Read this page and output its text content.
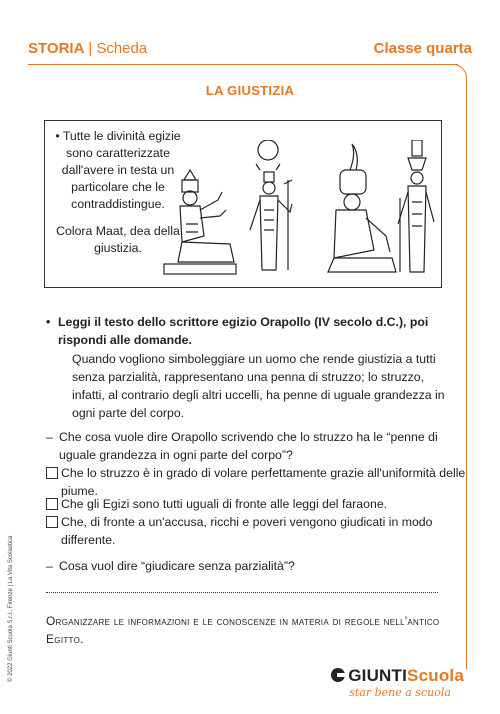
STORIA | Scheda	Classe quarta
LA GIUSTIZIA

• Tutte le divinità egizie sono caratterizzate dall'avere in testa un particolare che le contraddistingue.

Colora Maat, dea della giustizia.

• Leggi il testo dello scrittore egizio Orapollo (IV secolo d.C.), poi rispondi alle domande.
Quando vogliono simboleggiare un uomo che rende giustizia a tutti senza parzialità, rappresentano una penna di struzzo; lo struzzo, infatti, al contrario degli altri uccelli, ha penne di uguale grandezza in ogni parte del corpo.
– Che cosa vuole dire Orapollo scrivendo che lo struzzo ha le “penne di uguale grandezza in ogni parte del corpo”?
Che lo struzzo è in grado di volare perfettamente grazie all'uniformità delle piume.
Che gli Egizi sono tutti uguali di fronte alle leggi del faraone.
Che, di fronte a un'accusa, ricchi e poveri vengono giudicati in modo differente.
– Cosa vuol dire “giudicare senza parzialità”?
Organizzare le informazioni e le conoscenze in materia di regole nell'antico Egitto.
© 2022 Giunti Scuola S.r.l., Firenze | La Vita Scolastica	GIUNTIScuola
star bene a scuola
